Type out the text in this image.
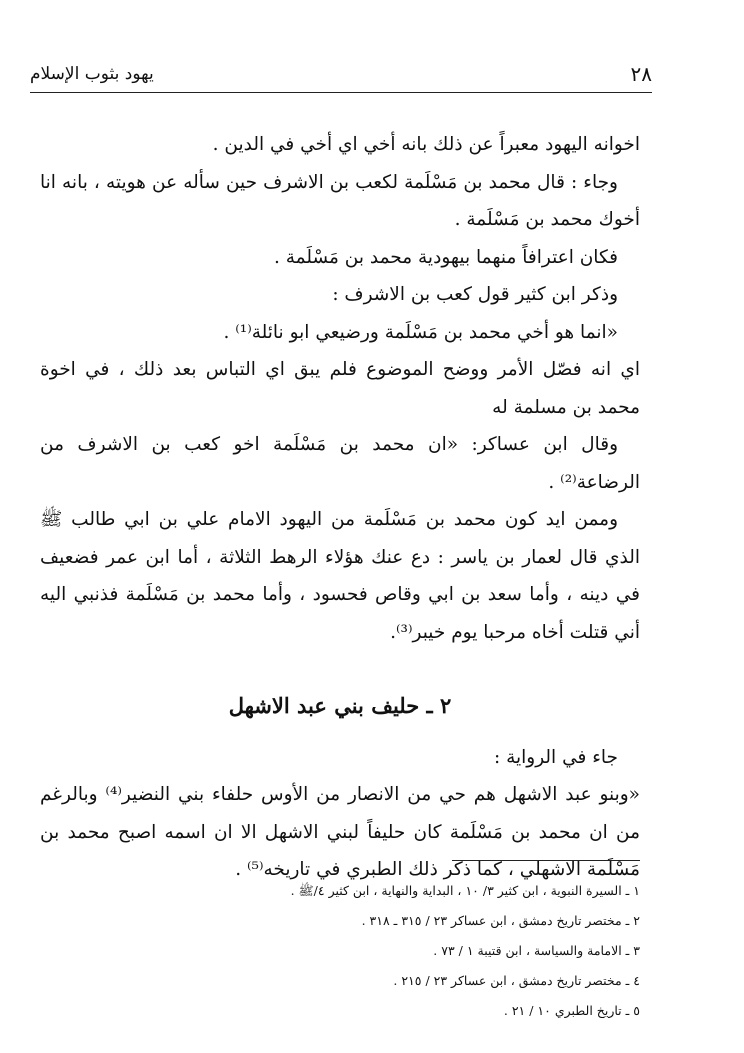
٢٨
يهود بثوب الإسلام

اخوانه اليهود معبراً عن ذلك بانه أخي اي أخي في الدين .

وجاء : قال محمد بن مَسْلَمة لكعب بن الاشرف حين سأله عن هويته ، بانه انا أخوك محمد بن مَسْلَمة .

فكان اعترافاً منهما بيهودية محمد بن مَسْلَمة .

وذكر ابن كثير قول كعب بن الاشرف :

«انما هو أخي محمد بن مَسْلَمة ورضيعي ابو نائلة⁽¹⁾ .

اي انه فصّل الأمر ووضح الموضوع فلم يبق اي التباس بعد ذلك ، في اخوة محمد بن مسلمة له

وقال ابن عساكر: «ان محمد بن مَسْلَمة اخو كعب بن الاشرف من الرضاعة⁽²⁾ .

وممن ايد كون محمد بن مَسْلَمة من اليهود الامام علي بن ابي طالب ﷺ الذي قال لعمار بن ياسر : دع عنك هؤلاء الرهط الثلاثة ، أما ابن عمر فضعيف في دينه ، وأما سعد بن ابي وقاص فحسود ، وأما محمد بن مَسْلَمة فذنبي اليه أني قتلت أخاه مرحبا يوم خيبر⁽³⁾.

٢ ـ حليف بني عبد الاشهل

جاء في الرواية :

«وبنو عبد الاشهل هم حي من الانصار من الأوس حلفاء بني النضير⁽⁴⁾ وبالرغم من ان محمد بن مَسْلَمة كان حليفاً لبني الاشهل الا ان اسمه اصبح محمد بن مَسْلَمة الاشهلي ، كما ذكر ذلك الطبري في تاريخه⁽⁵⁾ .

١ ـ السيرة النبوية ، ابن كثير ٣/ ١٠ ، البداية والنهاية ، ابن كثير ٤/ﷺ .

٢ ـ مختصر تاريخ دمشق ، ابن عساكر ٢٣ / ٣١٥ ـ ٣١٨ .

٣ ـ الامامة والسياسة ، ابن قتيبة ١ / ٧٣ .

٤ ـ مختصر تاريخ دمشق ، ابن عساكر ٢٣ / ٢١٥ .

٥ ـ تاريخ الطبري ١٠ / ٢١ .
